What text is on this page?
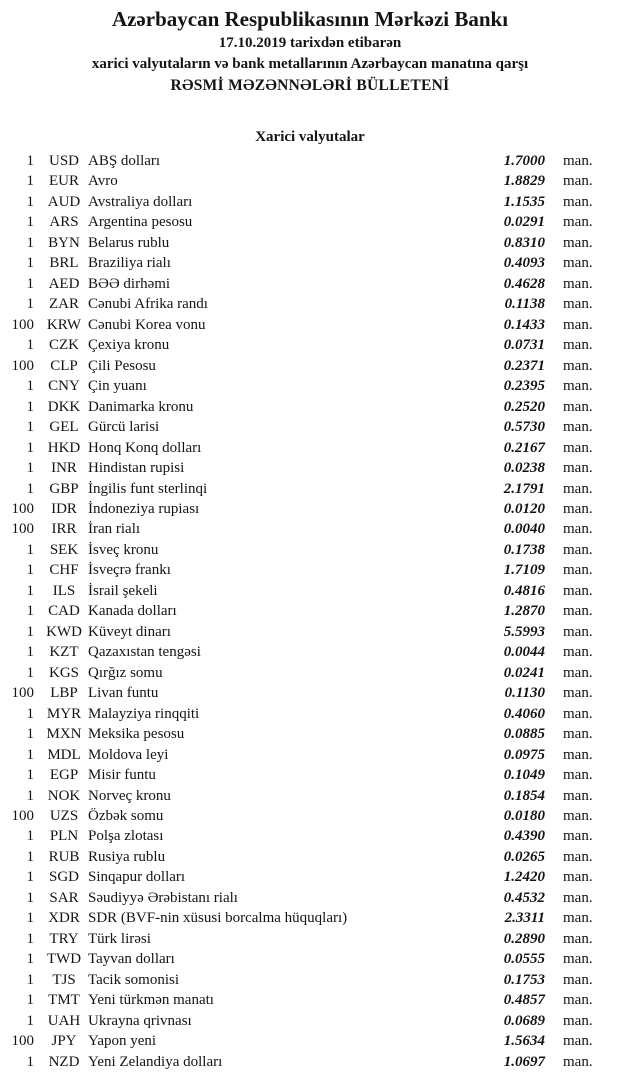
Azərbaycan Respublikasının Mərkəzi Bankı
17.10.2019 tarixdən etibarən
xarici valyutaların və bank metallarının Azərbaycan manatına qarşı
RƏSMİ MƏZƏNNƏLƏRİ BÜLLETENİ
Xarici valyutalar
1 USD ABŞ dolları	1.7000 man.
1	EUR Avro	1.8829 man.
1 AUD Avstraliya dolları	1.1535 man.
1	ARS Argentina pesosu	0.0291 man.
1 BYN Belarus rublu	0.8310 man.
1	BRL Braziliya rialı	0.4093 man.
1 AED BƏƏ dirhəmi	0.4628 man.
1	ZAR Cənubi Afrika randı	0.1138 man.
100 KRW Cənubi Korea vonu	0.1433 man.
1	CZK Çexiya kronu	0.0731 man.
100	CLP Çili Pesosu	0.2371 man.
1 CNY Çin yuanı	0.2395 man.
1 DKK Danimarka kronu	0.2520 man.
1	GEL Gürcü larisi	0.5730 man.
1 HKD Honq Konq dolları	0.2167 man.
1	INR Hindistan rupisi	0.0238 man.
1	GBP İngilis funt sterlinqi	2.1791 man.
100	IDR İndoneziya rupiası	0.0120 man.
100	IRR İran rialı	0.0040 man.
1	SEK İsveç kronu	0.1738 man.
1	CHF İsveçrə frankı	1.7109 man.
1	ILS İsrail şekeli	0.4816 man.
1 CAD Kanada dolları	1.2870 man.
1 KWD Küveyt dinarı	5.5993 man.
1	KZT Qazaxıstan tengəsi	0.0044 man.
1 KGS Qırğız somu	0.0241 man.
100	LBP Livan funtu	0.1130 man.
1 MYR Malayziya rinqqiti	0.4060 man.
1 MXN Meksika pesosu	0.0885 man.
1 MDL Moldova leyi	0.0975 man.
1	EGP Misir funtu	0.1049 man.
1 NOK Norveç kronu	0.1854 man.
100	UZS Özbək somu	0.0180 man.
1	PLN Polşa zlotası	0.4390 man.
1 RUB Rusiya rublu	0.0265 man.
1 SGD Sinqapur dolları	1.2420 man.
1	SAR Səudiyyə Ərəbistanı rialı	0.4532 man.
1 XDR SDR (BVF-nin xüsusi borcalma hüquqları)	2.3311 man.
1	TRY Türk lirəsi	0.2890 man.
1 TWD Tayvan dolları	0.0555 man.
1	TJS Tacik somonisi	0.1753 man.
1 TMT Yeni türkmən manatı	0.4857 man.
1 UAH Ukrayna qrivnası	0.0689 man.
100	JPY Yapon yeni	1.5634 man.
1 NZD Yeni Zelandiya dolları	1.0697 man.
